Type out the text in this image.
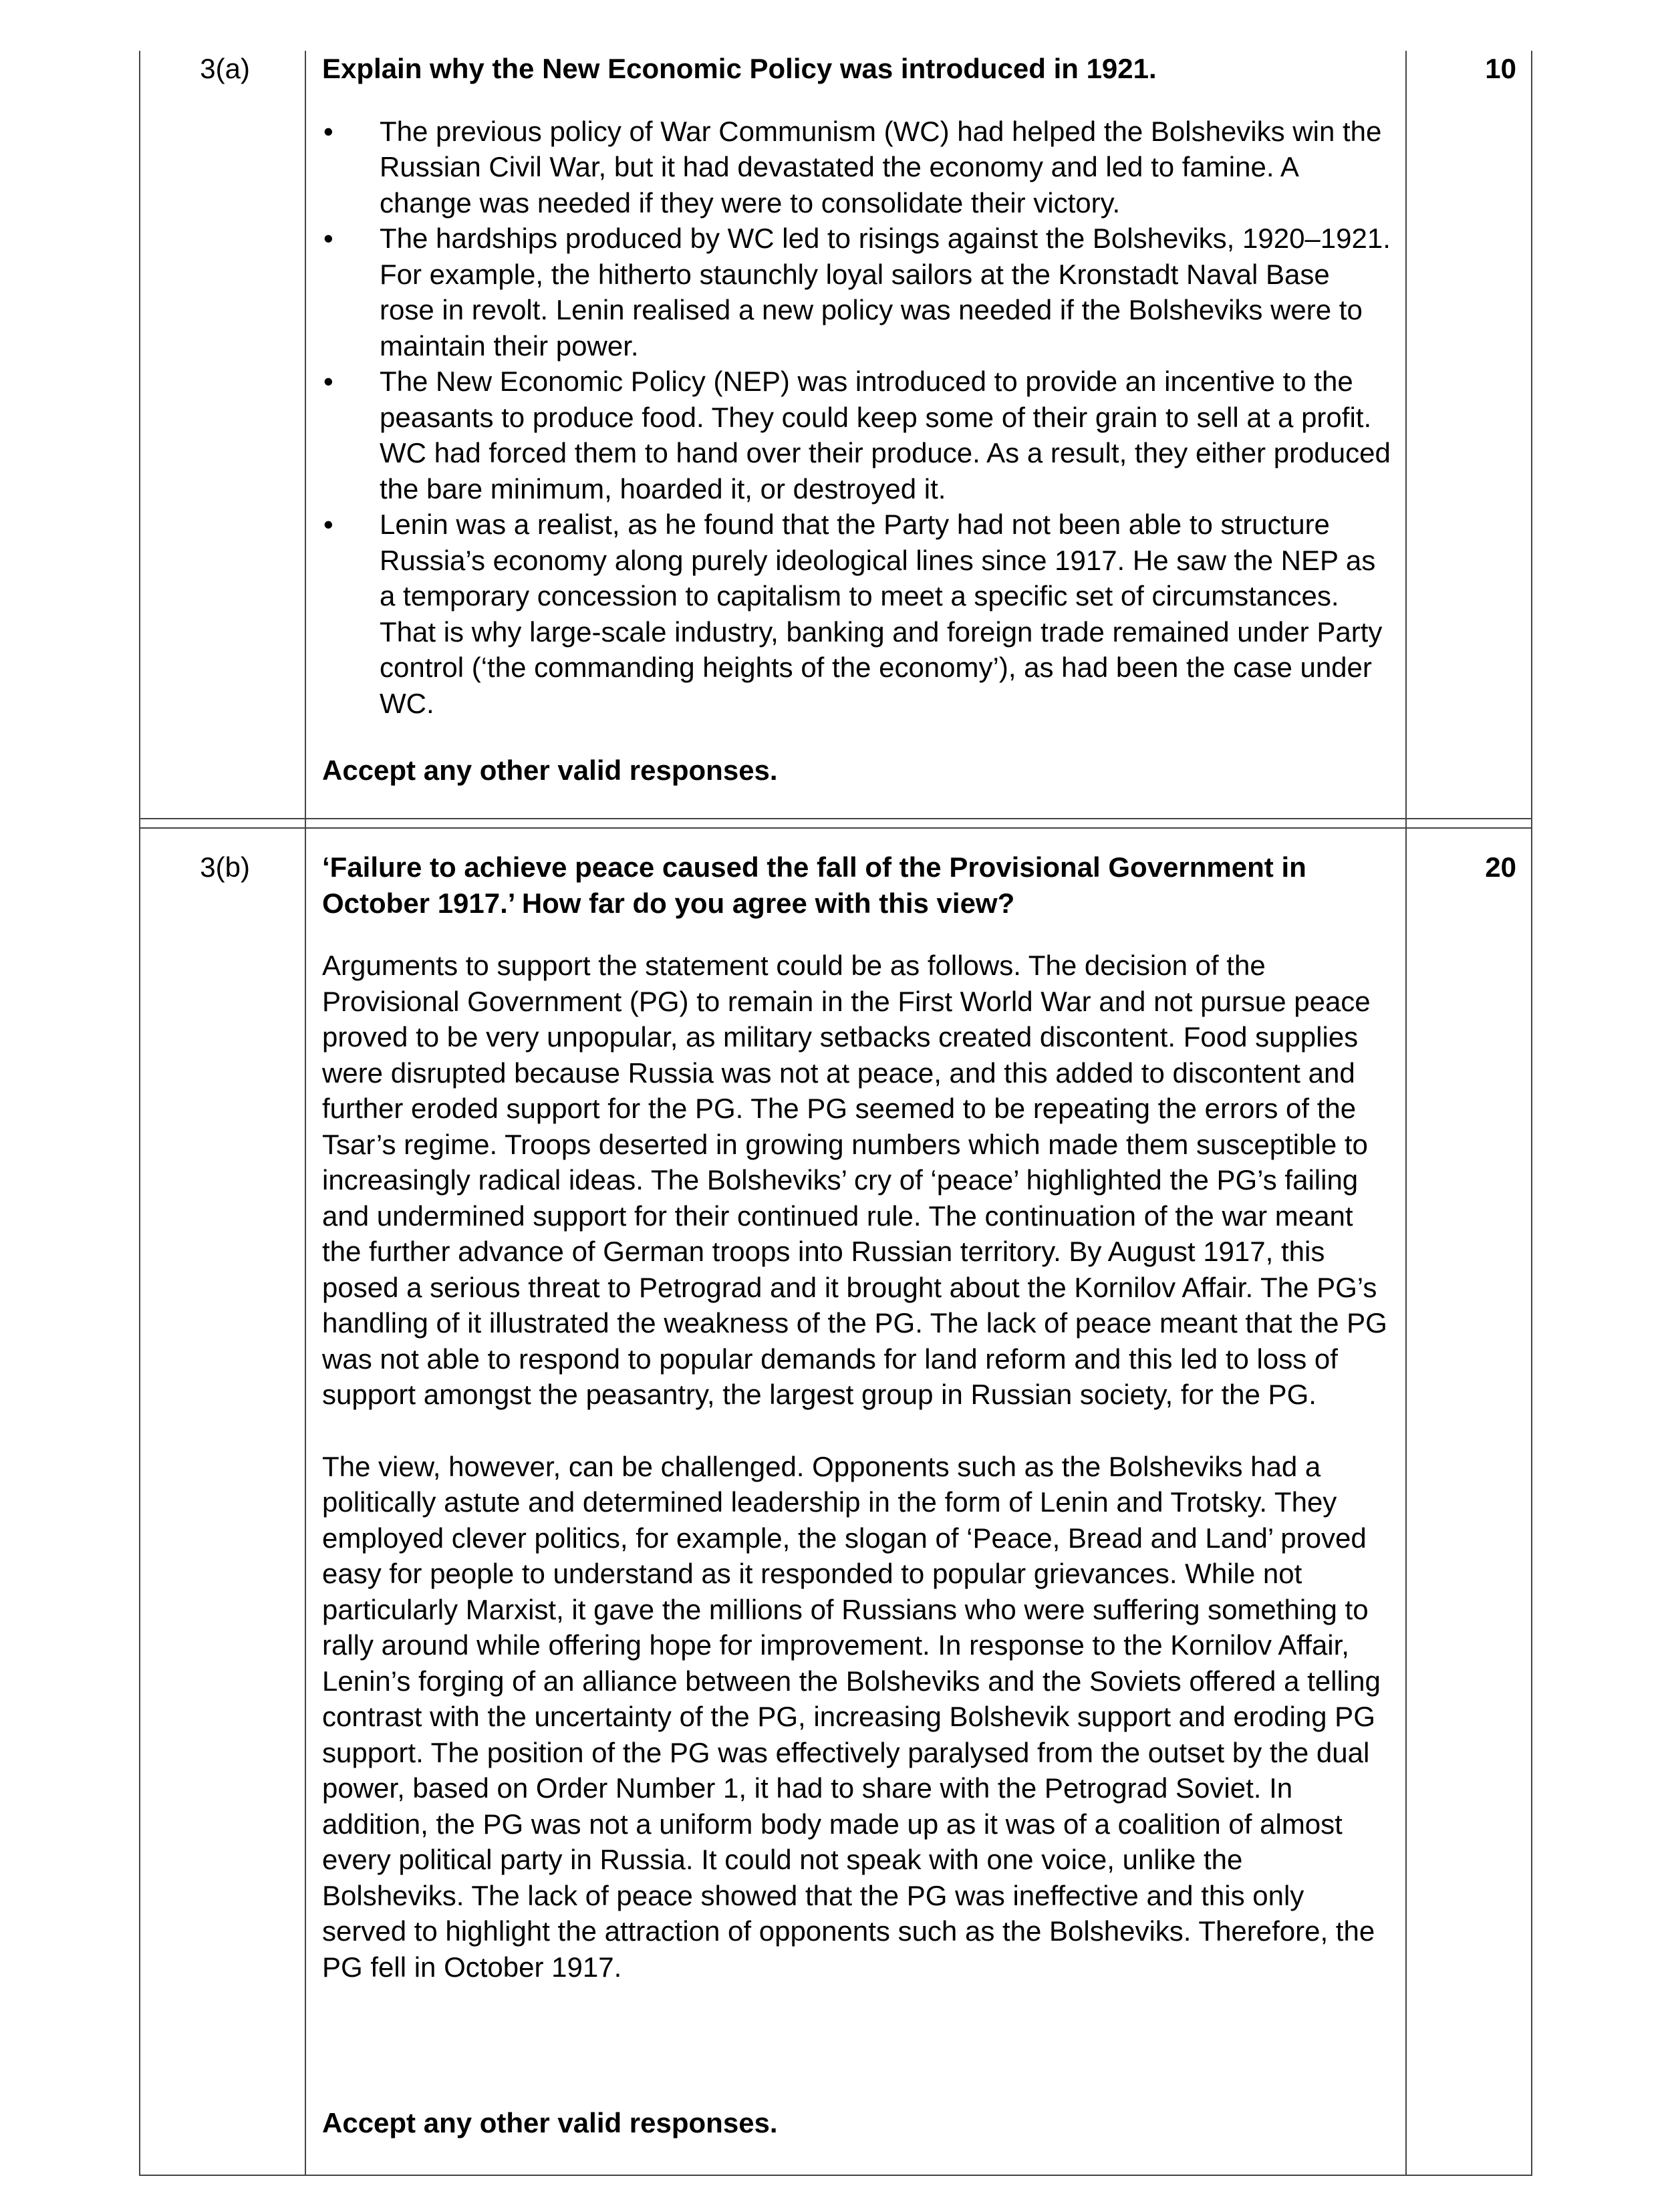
3(a)	10

Explain why the New Economic Policy was introduced in 1921.

• The previous policy of War Communism (WC) had helped the Bolsheviks win the Russian Civil War, but it had devastated the economy and led to famine. A change was needed if they were to consolidate their victory.
• The hardships produced by WC led to risings against the Bolsheviks, 1920–1921. For example, the hitherto staunchly loyal sailors at the Kronstadt Naval Base rose in revolt. Lenin realised a new policy was needed if the Bolsheviks were to maintain their power.
• The New Economic Policy (NEP) was introduced to provide an incentive to the peasants to produce food. They could keep some of their grain to sell at a profit. WC had forced them to hand over their produce. As a result, they either produced the bare minimum, hoarded it, or destroyed it.
• Lenin was a realist, as he found that the Party had not been able to structure Russia’s economy along purely ideological lines since 1917. He saw the NEP as a temporary concession to capitalism to meet a specific set of circumstances. That is why large-scale industry, banking and foreign trade remained under Party control (‘the commanding heights of the economy’), as had been the case under WC.

Accept any other valid responses.

3(b)	20

‘Failure to achieve peace caused the fall of the Provisional Government in October 1917.’ How far do you agree with this view?

Arguments to support the statement could be as follows. The decision of the Provisional Government (PG) to remain in the First World War and not pursue peace proved to be very unpopular, as military setbacks created discontent. Food supplies were disrupted because Russia was not at peace, and this added to discontent and further eroded support for the PG. The PG seemed to be repeating the errors of the Tsar’s regime. Troops deserted in growing numbers which made them susceptible to increasingly radical ideas. The Bolsheviks’ cry of ‘peace’ highlighted the PG’s failing and undermined support for their continued rule. The continuation of the war meant the further advance of German troops into Russian territory. By August 1917, this posed a serious threat to Petrograd and it brought about the Kornilov Affair. The PG’s handling of it illustrated the weakness of the PG. The lack of peace meant that the PG was not able to respond to popular demands for land reform and this led to loss of support amongst the peasantry, the largest group in Russian society, for the PG.

The view, however, can be challenged. Opponents such as the Bolsheviks had a politically astute and determined leadership in the form of Lenin and Trotsky. They employed clever politics, for example, the slogan of ‘Peace, Bread and Land’ proved easy for people to understand as it responded to popular grievances. While not particularly Marxist, it gave the millions of Russians who were suffering something to rally around while offering hope for improvement. In response to the Kornilov Affair, Lenin’s forging of an alliance between the Bolsheviks and the Soviets offered a telling contrast with the uncertainty of the PG, increasing Bolshevik support and eroding PG support. The position of the PG was effectively paralysed from the outset by the dual power, based on Order Number 1, it had to share with the Petrograd Soviet. In addition, the PG was not a uniform body made up as it was of a coalition of almost every political party in Russia. It could not speak with one voice, unlike the Bolsheviks. The lack of peace showed that the PG was ineffective and this only served to highlight the attraction of opponents such as the Bolsheviks. Therefore, the PG fell in October 1917.

Accept any other valid responses.
